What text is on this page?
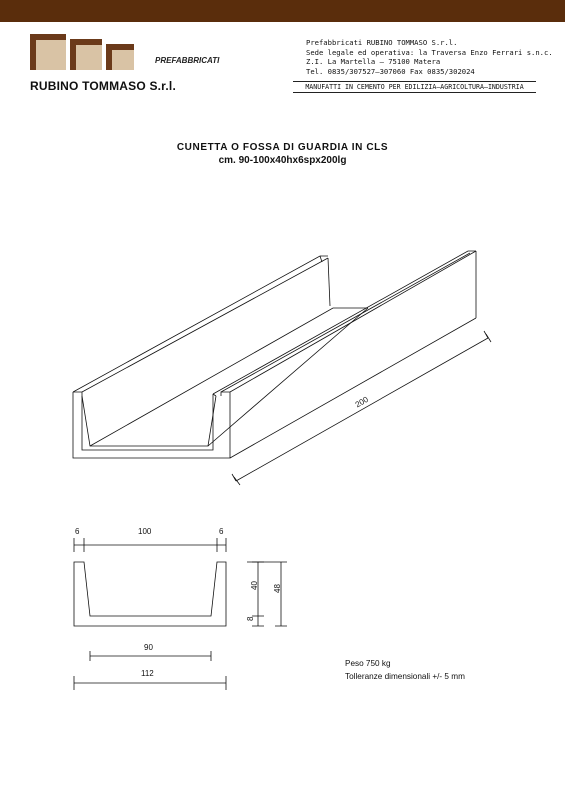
PREFABBRICATI
RUBINO TOMMASO S.r.l.
Prefabbricati RUBINO TOMMASO S.r.l.
Sede legale ed operativa: la Traversa Enzo Ferrari s.n.c.
Z.I. La Martella — 75100 Matera
Tel. 0835/307527—307060 Fax 0835/302024
MANUFATTI IN CEMENTO PER EDILIZIA—AGRICOLTURA—INDUSTRIA
CUNETTA O FOSSA DI GUARDIA IN CLS
cm. 90-100x40hx6spx200lg
200
100
6	6
40 48
8
90
112
Peso 750 kg
Tolleranze dimensionali +/- 5 mm
